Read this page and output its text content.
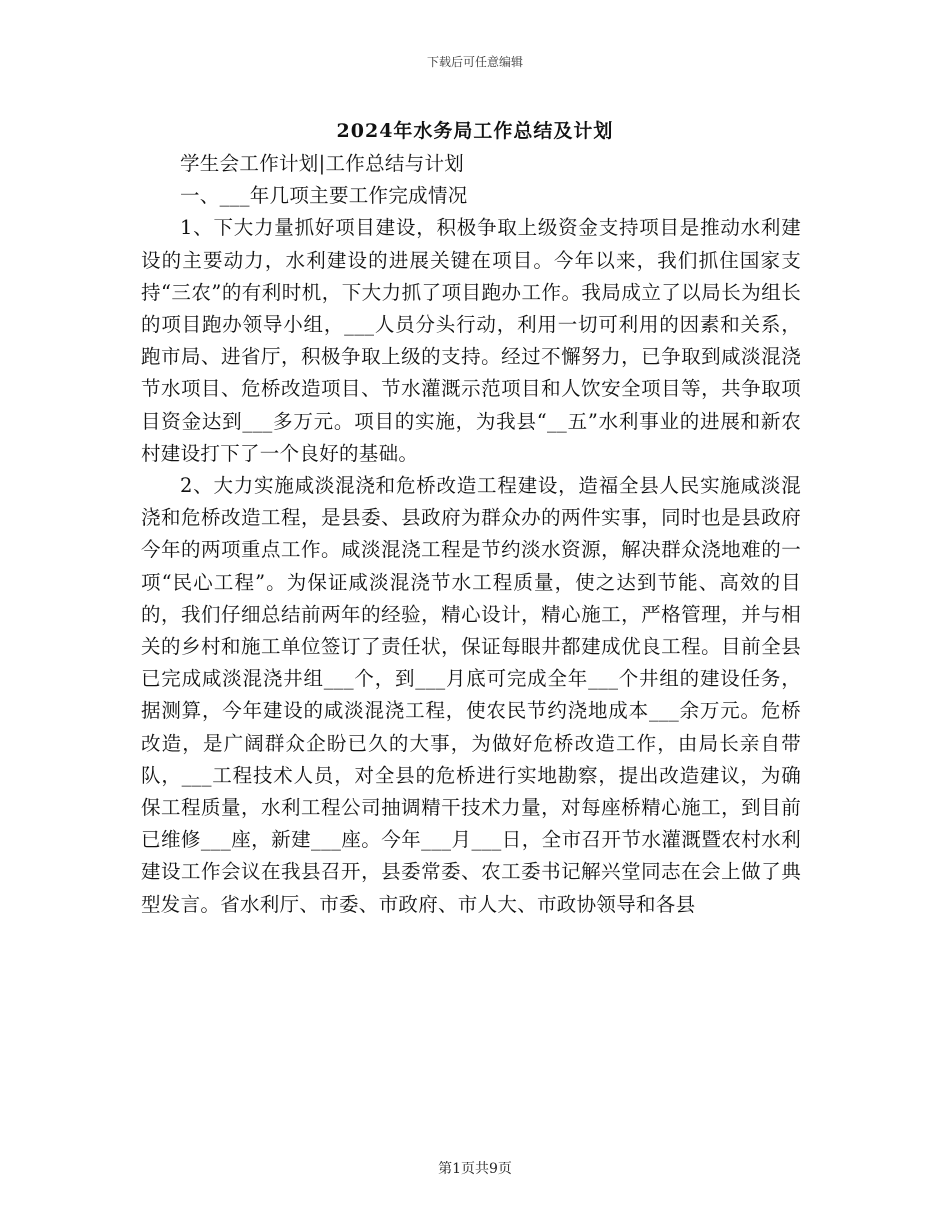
下载后可任意编辑
2024年水务局工作总结及计划

学生会工作计划|工作总结与计划

一、___年几项主要工作完成情况

1、下大力量抓好项目建设，积极争取上级资金支持项目是推动水利建设的主要动力，水利建设的进展关键在项目。今年以来，我们抓住国家支持“三农”的有利时机，下大力抓了项目跑办工作。我局成立了以局长为组长的项目跑办领导小组，___人员分头行动，利用一切可利用的因素和关系，跑市局、进省厅，积极争取上级的支持。经过不懈努力，已争取到咸淡混浇节水项目、危桥改造项目、节水灌溉示范项目和人饮安全项目等，共争取项目资金达到___多万元。项目的实施，为我县“__五”水利事业的进展和新农村建设打下了一个良好的基础。

2、大力实施咸淡混浇和危桥改造工程建设，造福全县人民实施咸淡混浇和危桥改造工程，是县委、县政府为群众办的两件实事，同时也是县政府今年的两项重点工作。咸淡混浇工程是节约淡水资源，解决群众浇地难的一项“民心工程”。为保证咸淡混浇节水工程质量，使之达到节能、高效的目的，我们仔细总结前两年的经验，精心设计，精心施工，严格管理，并与相关的乡村和施工单位签订了责任状，保证每眼井都建成优良工程。目前全县已完成咸淡混浇井组___个，到___月底可完成全年___个井组的建设任务，据测算，今年建设的咸淡混浇工程，使农民节约浇地成本___余万元。危桥改造，是广阔群众企盼已久的大事，为做好危桥改造工作，由局长亲自带队，___工程技术人员，对全县的危桥进行实地勘察，提出改造建议，为确保工程质量，水利工程公司抽调精干技术力量，对每座桥精心施工，到目前已维修___座，新建___座。今年___月___日，全市召开节水灌溉暨农村水利建设工作会议在我县召开，县委常委、农工委书记解兴堂同志在会上做了典型发言。省水利厅、市委、市政府、市人大、市政协领导和各县

第1页共9页
